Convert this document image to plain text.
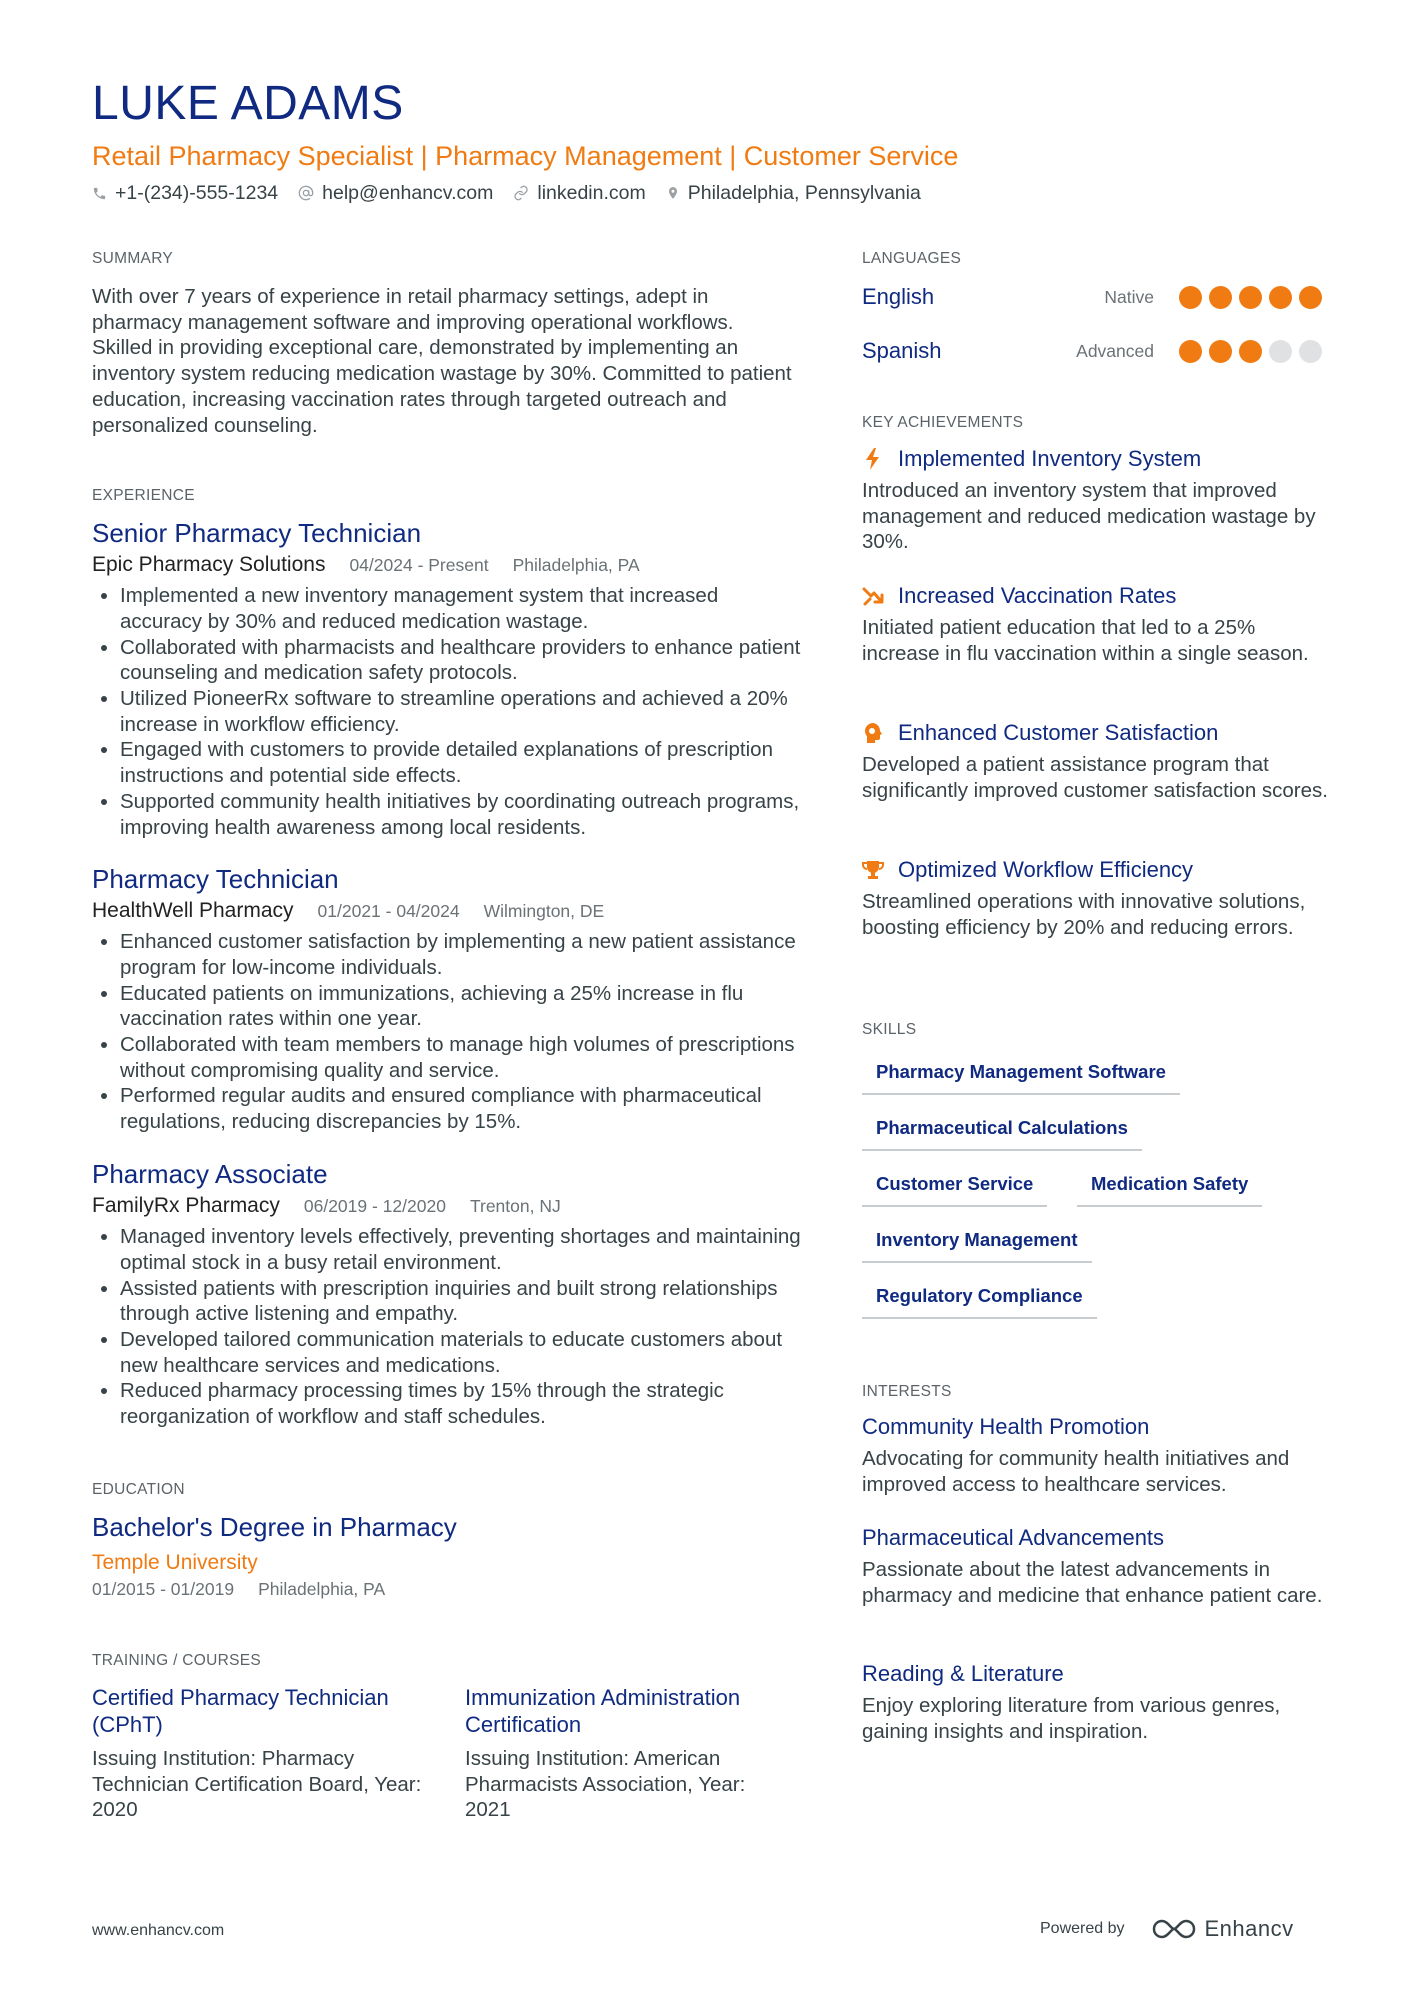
LUKE ADAMS
Retail Pharmacy Specialist | Pharmacy Management | Customer Service
+1-(234)-555-1234 help@enhancv.com linkedin.com Philadelphia, Pennsylvania
SUMMARY
With over 7 years of experience in retail pharmacy settings, adept in pharmacy management software and improving operational workflows. Skilled in providing exceptional care, demonstrated by implementing an inventory system reducing medication wastage by 30%. Committed to patient education, increasing vaccination rates through targeted outreach and personalized counseling.
EXPERIENCE
Senior Pharmacy Technician
Epic Pharmacy Solutions 04/2024 - Present Philadelphia, PA
• Implemented a new inventory management system that increased accuracy by 30% and reduced medication wastage.
• Collaborated with pharmacists and healthcare providers to enhance patient counseling and medication safety protocols.
• Utilized PioneerRx software to streamline operations and achieved a 20% increase in workflow efficiency.
• Engaged with customers to provide detailed explanations of prescription instructions and potential side effects.
• Supported community health initiatives by coordinating outreach programs, improving health awareness among local residents.
Pharmacy Technician
HealthWell Pharmacy 01/2021 - 04/2024 Wilmington, DE
• Enhanced customer satisfaction by implementing a new patient assistance program for low-income individuals.
• Educated patients on immunizations, achieving a 25% increase in flu vaccination rates within one year.
• Collaborated with team members to manage high volumes of prescriptions without compromising quality and service.
• Performed regular audits and ensured compliance with pharmaceutical regulations, reducing discrepancies by 15%.
Pharmacy Associate
FamilyRx Pharmacy 06/2019 - 12/2020 Trenton, NJ
• Managed inventory levels effectively, preventing shortages and maintaining optimal stock in a busy retail environment.
• Assisted patients with prescription inquiries and built strong relationships through active listening and empathy.
• Developed tailored communication materials to educate customers about new healthcare services and medications.
• Reduced pharmacy processing times by 15% through the strategic reorganization of workflow and staff schedules.
EDUCATION
Bachelor's Degree in Pharmacy
Temple University
01/2015 - 01/2019 Philadelphia, PA
TRAINING / COURSES
Certified Pharmacy Technician (CPhT)
Issuing Institution: Pharmacy Technician Certification Board, Year: 2020
Immunization Administration Certification
Issuing Institution: American Pharmacists Association, Year: 2021
LANGUAGES
English	Native
Spanish	Advanced
KEY ACHIEVEMENTS
Implemented Inventory System
Introduced an inventory system that improved management and reduced medication wastage by 30%.
Increased Vaccination Rates
Initiated patient education that led to a 25% increase in flu vaccination within a single season.
Enhanced Customer Satisfaction
Developed a patient assistance program that significantly improved customer satisfaction scores.
Optimized Workflow Efficiency
Streamlined operations with innovative solutions, boosting efficiency by 20% and reducing errors.
SKILLS
Pharmacy Management Software
Pharmaceutical Calculations
Customer Service	Medication Safety
Inventory Management
Regulatory Compliance
INTERESTS
Community Health Promotion
Advocating for community health initiatives and improved access to healthcare services.
Pharmaceutical Advancements
Passionate about the latest advancements in pharmacy and medicine that enhance patient care.
Reading & Literature
Enjoy exploring literature from various genres, gaining insights and inspiration.
www.enhancv.com	Powered by	Enhancv
